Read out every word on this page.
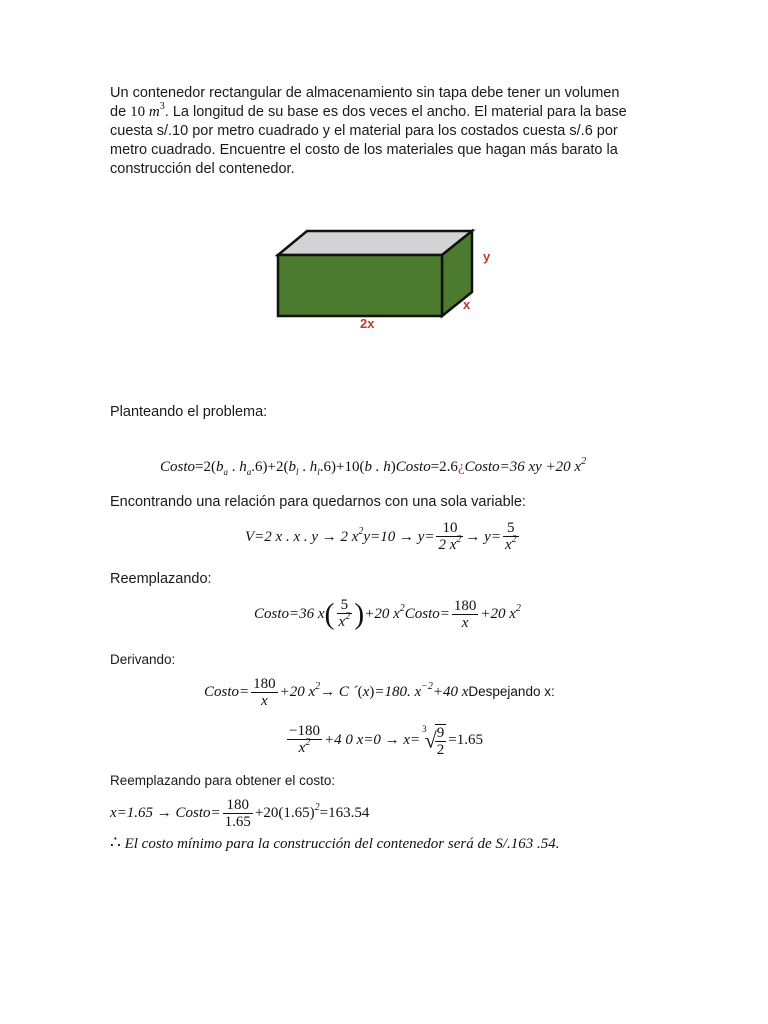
Un contenedor rectangular de almacenamiento sin tapa debe tener un volumen
de 10 $m^3$. La longitud de su base es dos veces el ancho. El material para la base
cuesta s/.10 por metro cuadrado y el material para los costados cuesta s/.6 por
metro cuadrado. Encuentre el costo de los materiales que hagan más barato la
construcción del contenedor.
y
x
2x
Planteando el problema:
$Costo=2(b_a$ . $h_a.6)+2(b_l$ . $h_l.6)+10(b$ . h)Costo=2.6¿Costo=36 xy +20 $x^2$
Encontrando una relación para quedarnos con una sola variable:
V=2 x . x . y → 2 $x^2y=10 \to y= \frac{10}{2 x^2} \to y= \frac{5}{x^2}$
Reemplazando:
Costo=36 $x( \frac{5}{x^2} )+20$ $x^2Costo= \frac{180}{x} +20$ $x^2$
Derivando:
Costo= $\frac{180}{x} +20$ $x^2\to C$ ´(x)=180. $x^{-2}+40$ xDespejando x:
$\frac{-180}{x^2} +4$ 0 x=0 → x=$^3$√
$\frac{9}{2} =1.65$
Reemplazando para obtener el costo:
x=1.65 → Costo= $\frac{180}{1.65} +20(1.65)^2=163.54$
∴ El costo mínimo para la construcción del contenedor será de S/.163 .54.
